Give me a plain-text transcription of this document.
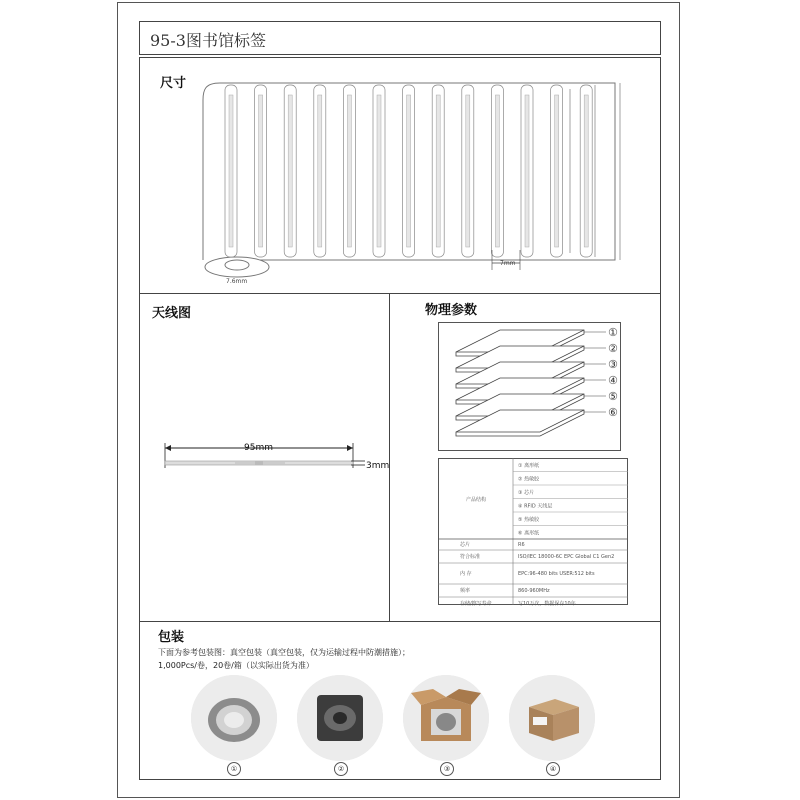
95-3图书馆标签
尺寸
天线图	物理参数
包装
7.6mm
7mm
95mm
3mm
①
②
③
④
⑤
⑥
产品结构
① 离形纸
② 热敏胶
③ 芯片
④ RFID 天线层
⑤ 热敏胶
⑥ 离形纸
芯片	R6
符合标准	ISO/IEC 18000-6C EPC Global C1 Gen2
内 存	EPC:96-480 bits USER:512 bits
频率	860-960MHz
存储/擦写寿命	写10万次，数据保存10年
下面为参考包装图：真空包装（真空包装，仅为运输过程中防潮措施）；
1,000Pcs/卷，20卷/箱（以实际出货为准）
①	②	③	④
